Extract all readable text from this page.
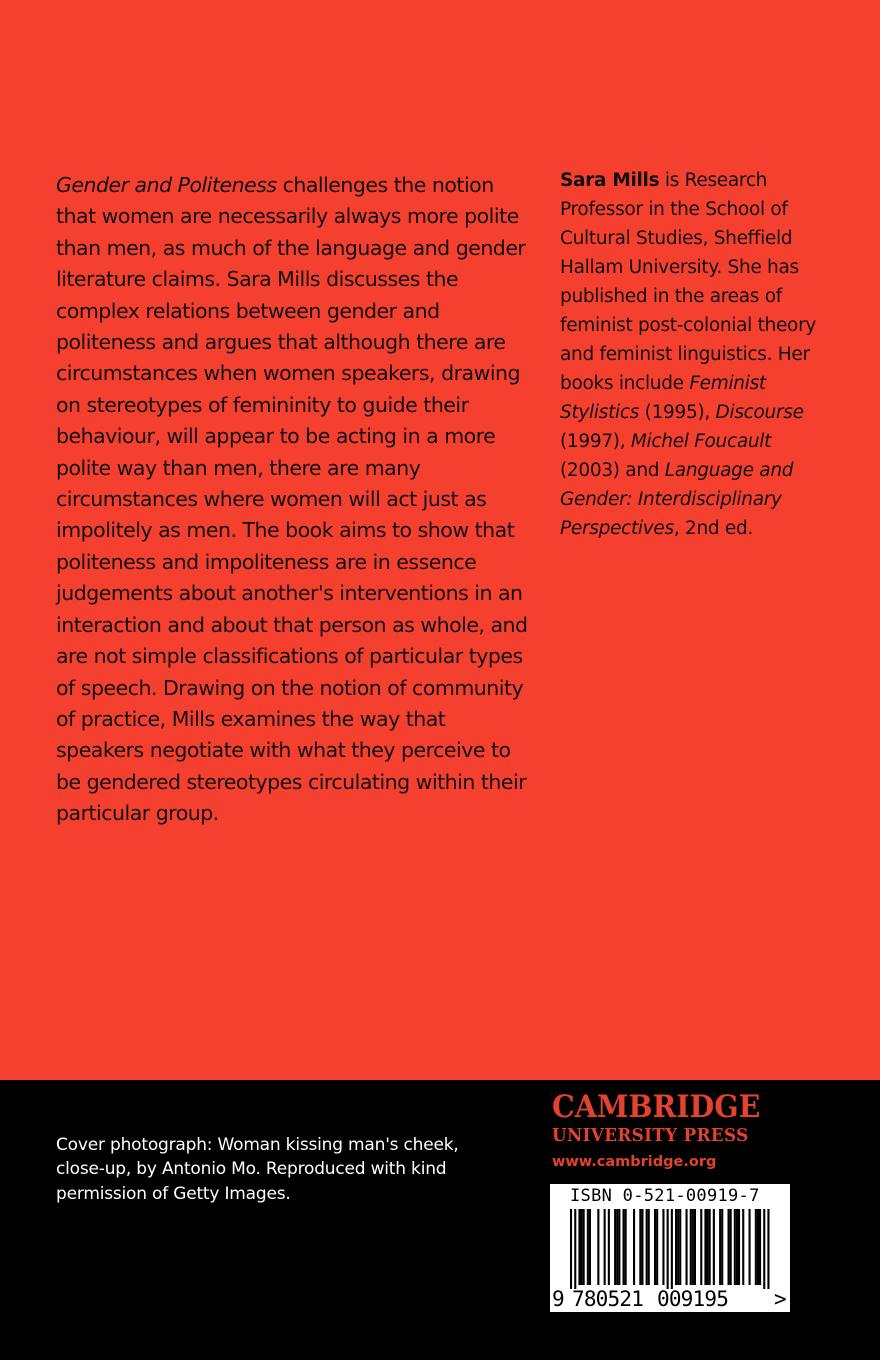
Gender and Politeness challenges the notion that women are necessarily always more polite than men, as much of the language and gender literature claims. Sara Mills discusses the complex relations between gender and politeness and argues that although there are circumstances when women speakers, drawing on stereotypes of femininity to guide their behaviour, will appear to be acting in a more polite way than men, there are many circumstances where women will act just as impolitely as men. The book aims to show that politeness and impoliteness are in essence judgements about another's interventions in an interaction and about that person as whole, and are not simple classifications of particular types of speech. Drawing on the notion of community of practice, Mills examines the way that speakers negotiate with what they perceive to be gendered stereotypes circulating within their particular group.
Sara Mills is Research Professor in the School of Cultural Studies, Sheffield Hallam University. She has published in the areas of feminist post-colonial theory and feminist linguistics. Her books include Feminist Stylistics (1995), Discourse (1997), Michel Foucault (2003) and Language and Gender: Interdisciplinary Perspectives, 2nd ed.
Cover photograph: Woman kissing man's cheek, close-up, by Antonio Mo. Reproduced with kind permission of Getty Images.
CAMBRIDGE
UNIVERSITY PRESS
www.cambridge.org
ISBN 0-521-00919-7
9 780521 009195 >
